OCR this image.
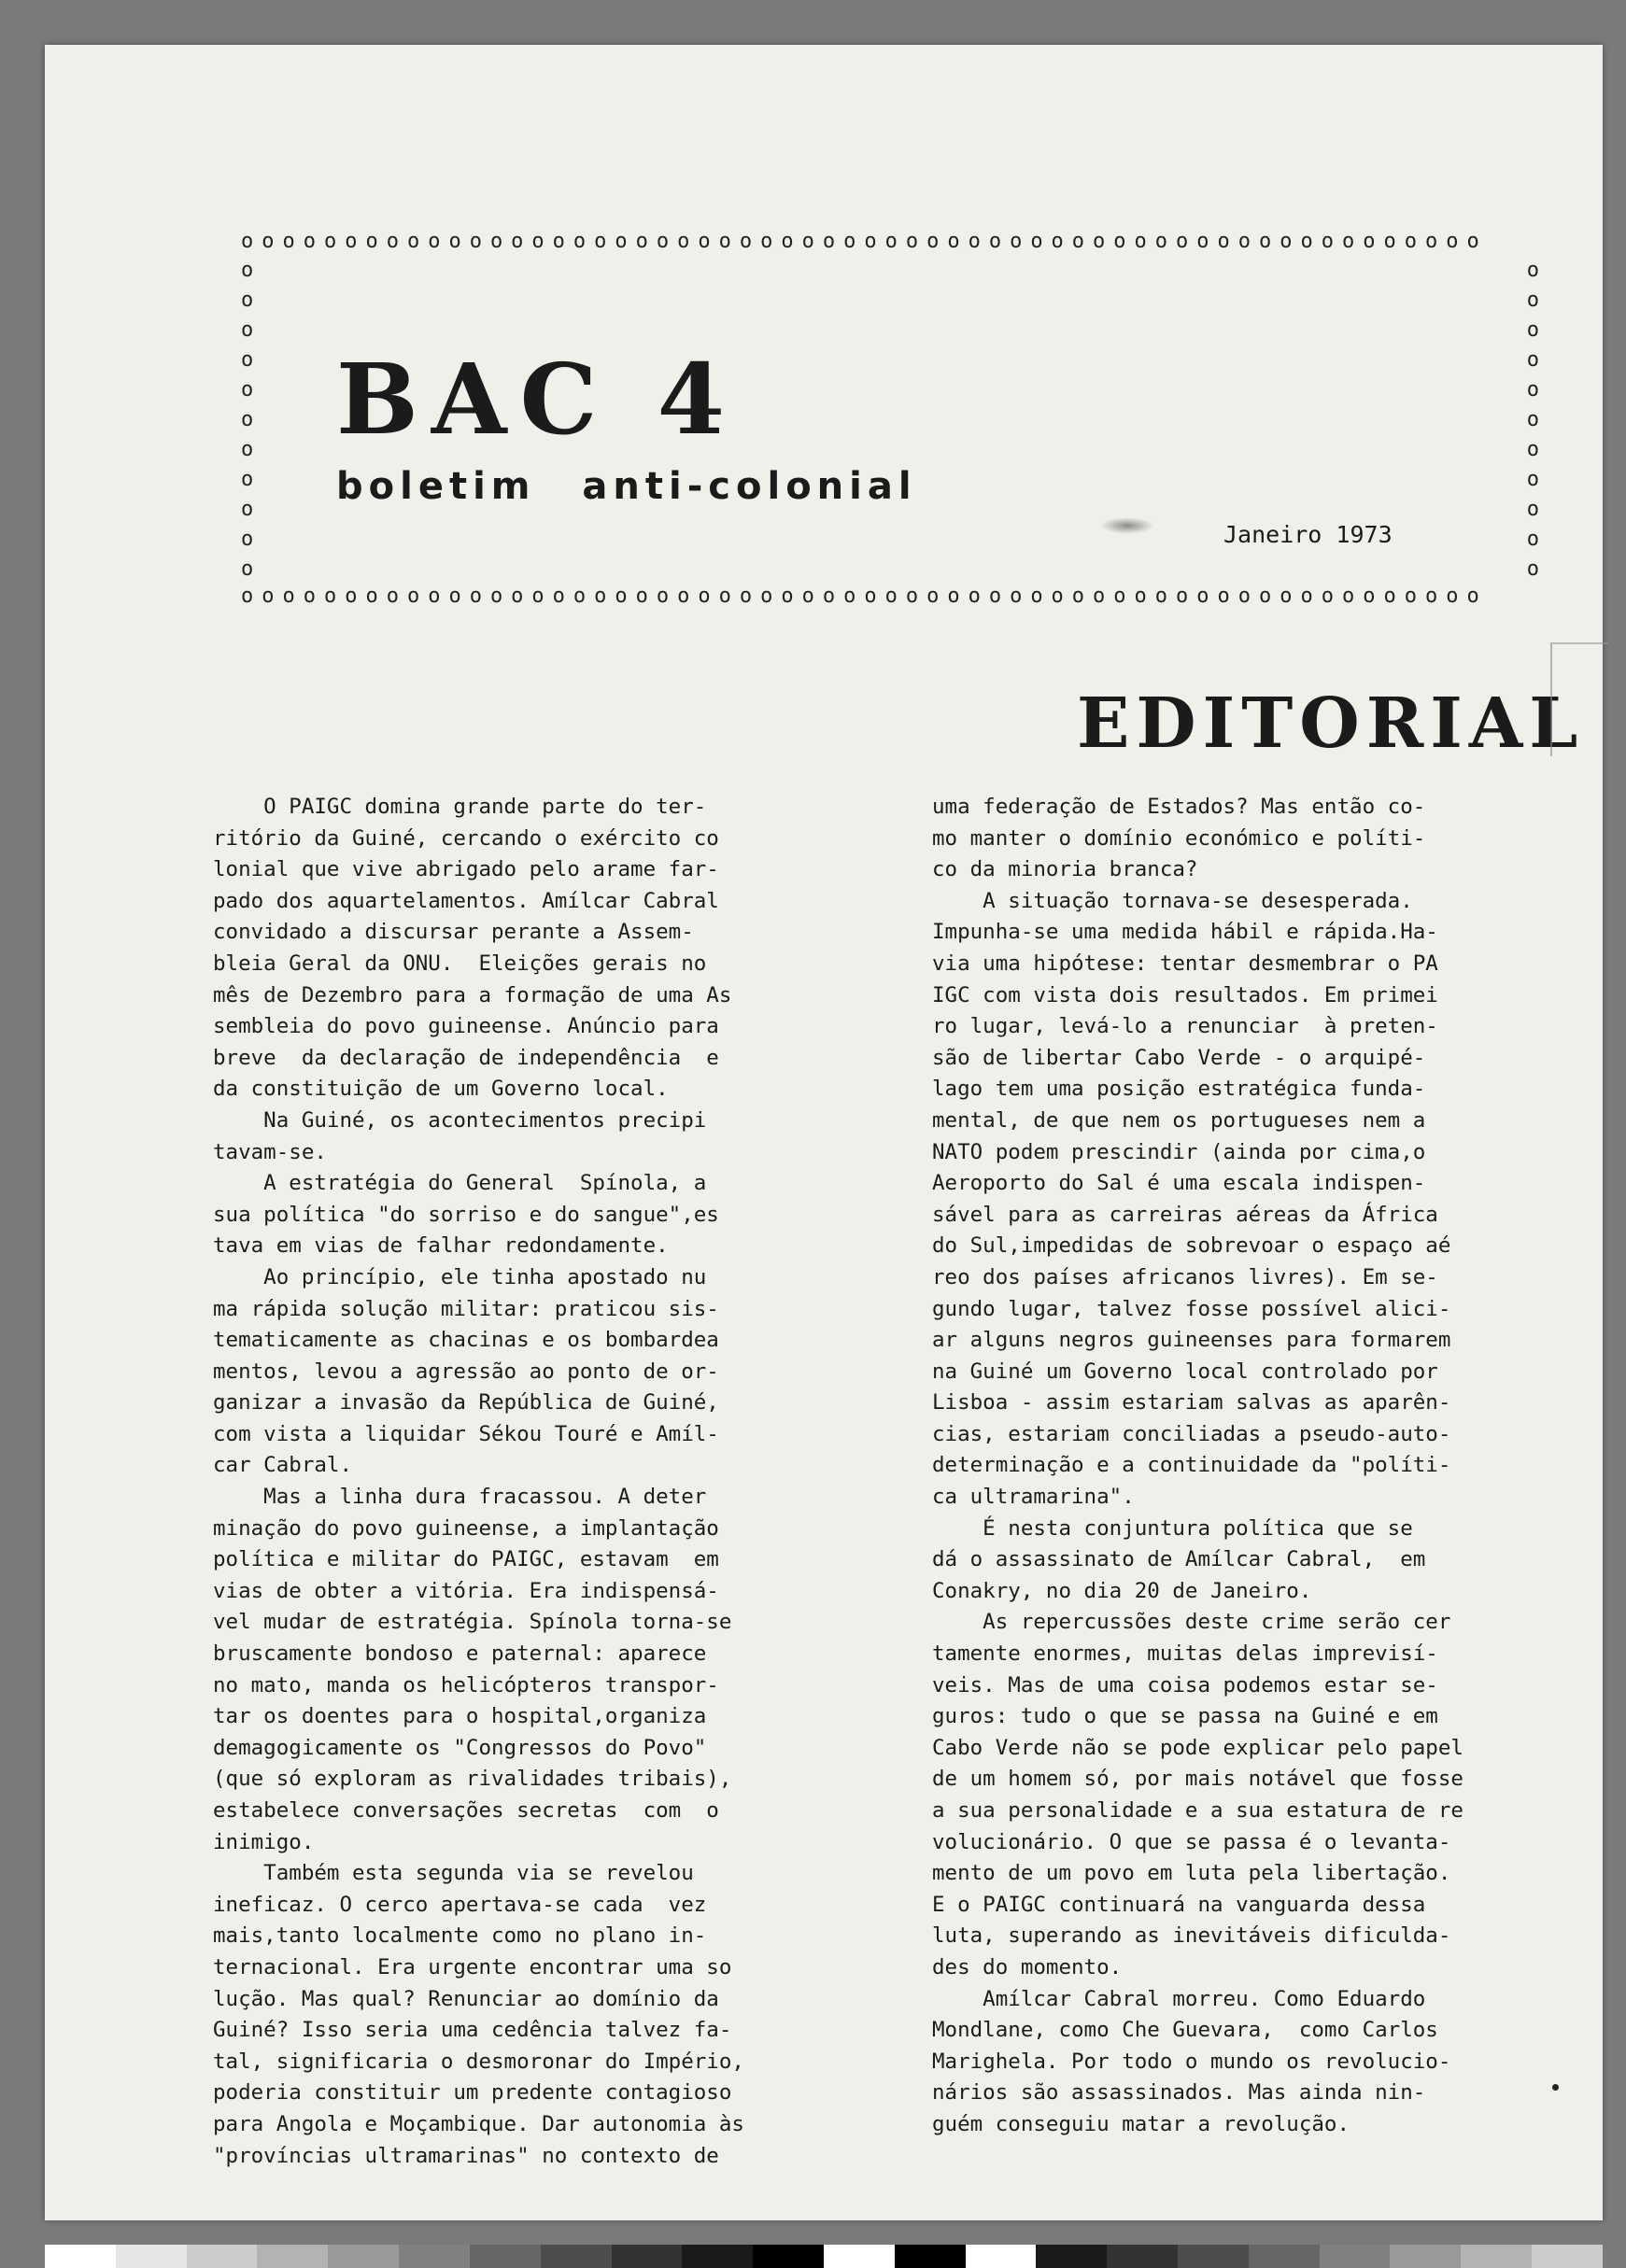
oooooooooooooooooooooooooooooooooooooooooooooooooooooooooooo
oooooooooooooooooooooooooooooooooooooooooooooooooooooooooooo
ooooooooooo
ooooooooooo
BAC 4
boletim anti-colonial
Janeiro 1973
EDITORIAL
O PAIGC domina grande parte do ter-
ritório da Guiné, cercando o exército co
lonial que vive abrigado pelo arame far-
pado dos aquartelamentos. Amílcar Cabral
convidado a discursar perante a Assem-
bleia Geral da ONU.  Eleições gerais no
mês de Dezembro para a formação de uma As
sembleia do povo guineense. Anúncio para
breve  da declaração de independência  e
da constituição de um Governo local.
Na Guiné, os acontecimentos precipi
tavam-se.
A estratégia do General  Spínola, a
sua política "do sorriso e do sangue",es
tava em vias de falhar redondamente.
Ao princípio, ele tinha apostado nu
ma rápida solução militar: praticou sis-
tematicamente as chacinas e os bombardea
mentos, levou a agressão ao ponto de or-
ganizar a invasão da República de Guiné,
com vista a liquidar Sékou Touré e Amíl-
car Cabral.
Mas a linha dura fracassou. A deter
minação do povo guineense, a implantação
política e militar do PAIGC, estavam  em
vias de obter a vitória. Era indispensá-
vel mudar de estratégia. Spínola torna-se
bruscamente bondoso e paternal: aparece
no mato, manda os helicópteros transpor-
tar os doentes para o hospital,organiza
demagogicamente os "Congressos do Povo"
(que só exploram as rivalidades tribais),
estabelece conversações secretas  com  o
inimigo.
Também esta segunda via se revelou
ineficaz. O cerco apertava-se cada  vez
mais,tanto localmente como no plano in-
ternacional. Era urgente encontrar uma so
lução. Mas qual? Renunciar ao domínio da
Guiné? Isso seria uma cedência talvez fa-
tal, significaria o desmoronar do Império,
poderia constituir um predente contagioso
para Angola e Moçambique. Dar autonomia às
"províncias ultramarinas" no contexto de
uma federação de Estados? Mas então co-
mo manter o domínio económico e políti-
co da minoria branca?
A situação tornava-se desesperada.
Impunha-se uma medida hábil e rápida.Ha-
via uma hipótese: tentar desmembrar o PA
IGC com vista dois resultados. Em primei
ro lugar, levá-lo a renunciar  à preten-
são de libertar Cabo Verde - o arquipé-
lago tem uma posição estratégica funda-
mental, de que nem os portugueses nem a
NATO podem prescindir (ainda por cima,o
Aeroporto do Sal é uma escala indispen-
sável para as carreiras aéreas da África
do Sul,impedidas de sobrevoar o espaço aé
reo dos países africanos livres). Em se-
gundo lugar, talvez fosse possível alici-
ar alguns negros guineenses para formarem
na Guiné um Governo local controlado por
Lisboa - assim estariam salvas as aparên-
cias, estariam conciliadas a pseudo-auto-
determinação e a continuidade da "políti-
ca ultramarina".
É nesta conjuntura política que se
dá o assassinato de Amílcar Cabral,  em
Conakry, no dia 20 de Janeiro.
As repercussões deste crime serão cer
tamente enormes, muitas delas imprevisí-
veis. Mas de uma coisa podemos estar se-
guros: tudo o que se passa na Guiné e em
Cabo Verde não se pode explicar pelo papel
de um homem só, por mais notável que fosse
a sua personalidade e a sua estatura de re
volucionário. O que se passa é o levanta-
mento de um povo em luta pela libertação.
E o PAIGC continuará na vanguarda dessa
luta, superando as inevitáveis dificulda-
des do momento.
Amílcar Cabral morreu. Como Eduardo
Mondlane, como Che Guevara,  como Carlos
Marighela. Por todo o mundo os revolucio-
nários são assassinados. Mas ainda nin-
guém conseguiu matar a revolução.
